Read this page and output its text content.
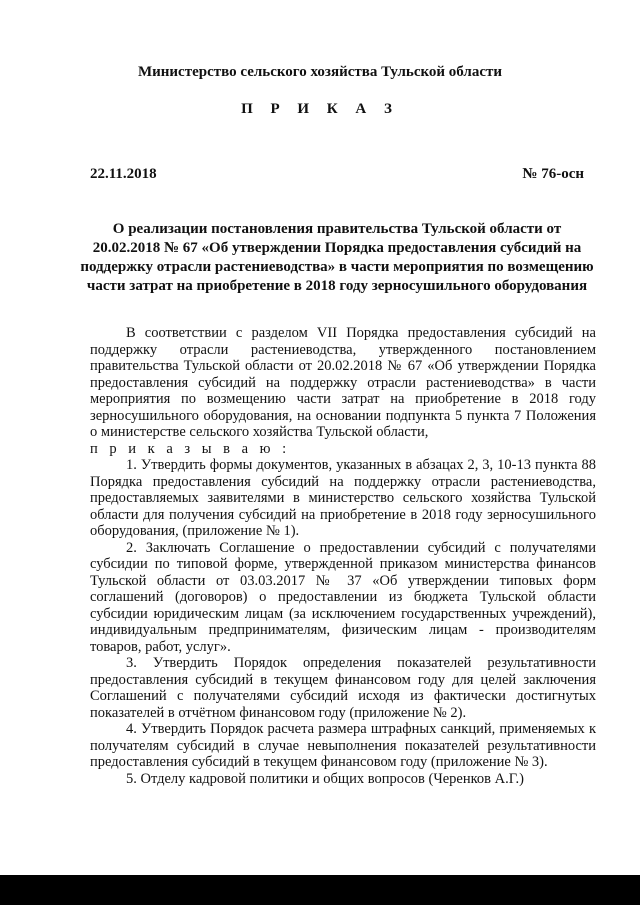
Министерство сельского хозяйства Тульской области
П Р И К А З
22.11.2018	№ 76-осн
О реализации постановления правительства Тульской области от 20.02.2018 № 67 «Об утверждении Порядка предоставления субсидий на поддержку отрасли растениеводства» в части мероприятия по возмещению части затрат на приобретение в 2018 году зерносушильного оборудования

В соответствии с разделом VII Порядка предоставления субсидий на поддержку отрасли растениеводства, утвержденного постановлением правительства Тульской области от 20.02.2018 № 67 «Об утверждении Порядка предоставления субсидий на поддержку отрасли растениеводства» в части мероприятия по возмещению части затрат на приобретение в 2018 году зерносушильного оборудования, на основании подпункта 5 пункта 7 Положения о министерстве сельского хозяйства Тульской области,

п р и к а з ы в а ю :

1. Утвердить формы документов, указанных в абзацах 2, 3, 10-13 пункта 88 Порядка предоставления субсидий на поддержку отрасли растениеводства, предоставляемых заявителями в министерство сельского хозяйства Тульской области для получения субсидий на приобретение в 2018 году зерносушильного оборудования, (приложение № 1).

2. Заключать Соглашение о предоставлении субсидий с получателями субсидии по типовой форме, утвержденной приказом министерства финансов Тульской области от 03.03.2017 № 37 «Об утверждении типовых форм соглашений (договоров) о предоставлении из бюджета Тульской области субсидии юридическим лицам (за исключением государственных учреждений), индивидуальным предпринимателям, физическим лицам - производителям товаров, работ, услуг».

3. Утвердить Порядок определения показателей результативности предоставления субсидий в текущем финансовом году для целей заключения Соглашений с получателями субсидий исходя из фактически достигнутых показателей в отчётном финансовом году (приложение № 2).

4. Утвердить Порядок расчета размера штрафных санкций, применяемых к получателям субсидий в случае невыполнения показателей результативности предоставления субсидий в текущем финансовом году (приложение № 3).

5. Отделу кадровой политики и общих вопросов (Черенков А.Г.)
